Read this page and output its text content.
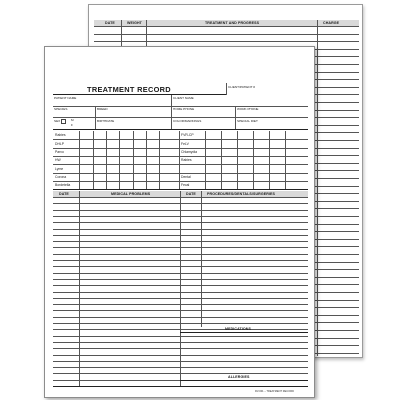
DATE	WEIGHT	TREATMENT AND PROGRESS	CHARGE
TREATMENT RECORD	CLIENT/PATIENT #
PATIENT NAME	CLIENT NAME
SPECIES	BREED	HOME PHONE	WORK PHONE
SEX	M
F
BIRTHDATE	COLOR/MARKINGS	SPECIAL DIET
Rabies	FVR-CP
DHLP	FeLV
Parvo	Chlamydia
HW	Rabies
Lyme
Corona	Dental
Bordetella	Fecal
DATE	MEDICAL PROBLEMS	DATE	PROCEDURES/DENTALS/SURGERIES
MEDICATIONS
ALLERGIES
RV-001 – TREATMENT RECORD
